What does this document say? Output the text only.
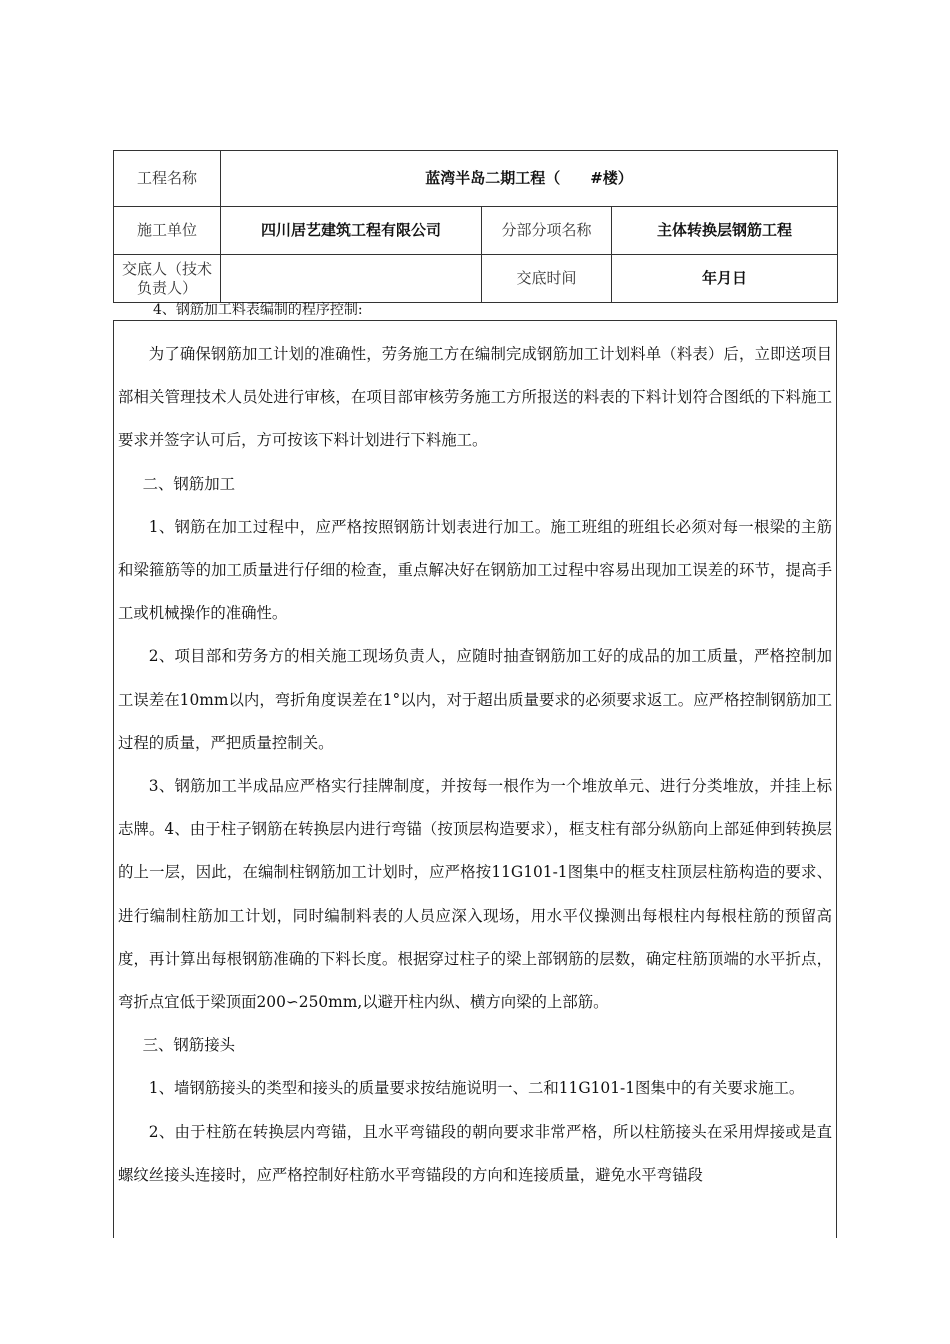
工程名称	蓝湾半岛二期工程（　　#楼）		
施工单位	四川居艺建筑工程有限公司	分部分项名称	主体转换层钢筋工程
交底人（技术负责人）		交底时间	年月日
4、钢筋加工料表编制的程序控制:

为了确保钢筋加工计划的准确性，劳务施工方在编制完成钢筋加工计划料单（料表）后，立即送项目部相关管理技术人员处进行审核，在项目部审核劳务施工方所报送的料表的下料计划符合图纸的下料施工要求并签字认可后，方可按该下料计划进行下料施工。

二、钢筋加工

1、钢筋在加工过程中，应严格按照钢筋计划表进行加工。施工班组的班组长必须对每一根梁的主筋和梁箍筋等的加工质量进行仔细的检查，重点解决好在钢筋加工过程中容易出现加工误差的环节，提高手工或机械操作的准确性。

2、项目部和劳务方的相关施工现场负责人，应随时抽查钢筋加工好的成品的加工质量，严格控制加工误差在10mm以内，弯折角度误差在1°以内，对于超出质量要求的必须要求返工。应严格控制钢筋加工过程的质量，严把质量控制关。

3、钢筋加工半成品应严格实行挂牌制度，并按每一根作为一个堆放单元、进行分类堆放，并挂上标志牌。4、由于柱子钢筋在转换层内进行弯锚（按顶层构造要求），框支柱有部分纵筋向上部延伸到转换层的上一层，因此，在编制柱钢筋加工计划时，应严格按11G101-1图集中的框支柱顶层柱筋构造的要求、进行编制柱筋加工计划，同时编制料表的人员应深入现场，用水平仪操测出每根柱内每根柱筋的预留高度，再计算出每根钢筋准确的下料长度。根据穿过柱子的梁上部钢筋的层数，确定柱筋顶端的水平折点，弯折点宜低于梁顶面200∽250mm,以避开柱内纵、横方向梁的上部筋。

三、钢筋接头

1、墙钢筋接头的类型和接头的质量要求按结施说明一、二和11G101-1图集中的有关要求施工。

2、由于柱筋在转换层内弯锚，且水平弯锚段的朝向要求非常严格，所以柱筋接头在采用焊接或是直螺纹丝接头连接时，应严格控制好柱筋水平弯锚段的方向和连接质量，避免水平弯锚段
